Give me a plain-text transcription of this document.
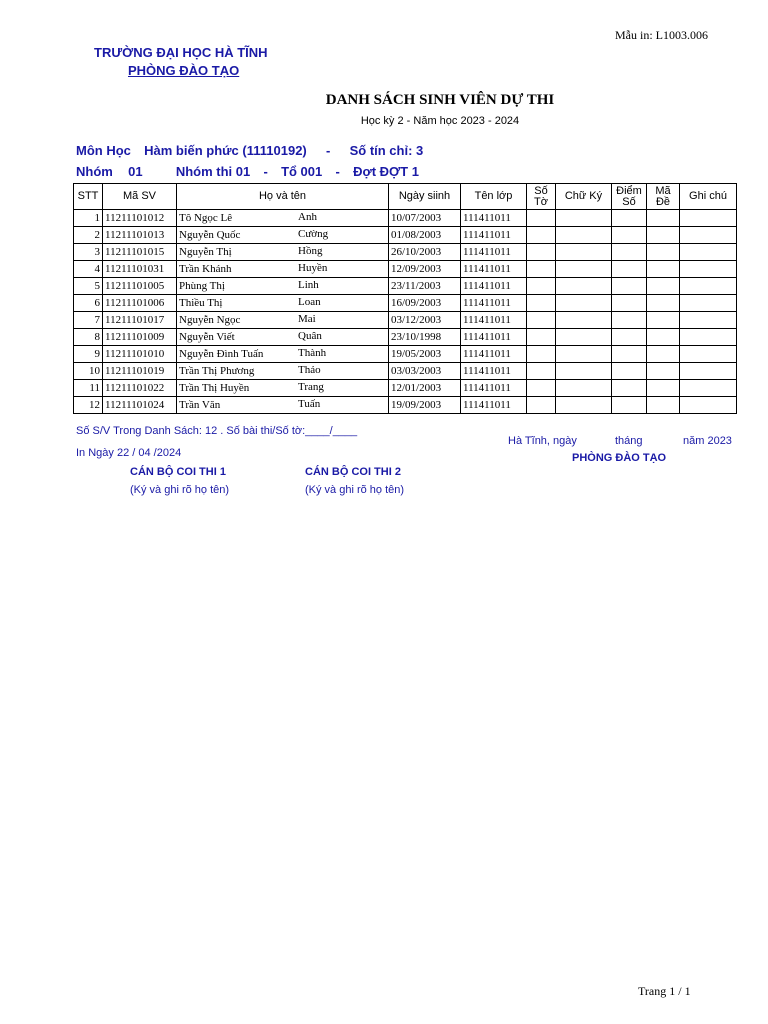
Mẫu in: L1003.006
TRƯỜNG ĐẠI HỌC HÀ TĨNH
PHÒNG ĐÀO TẠO
DANH SÁCH SINH VIÊN DỰ THI
Học kỳ 2 - Năm học 2023 - 2024
Môn Học Hàm biến phức (11110192) - Số tín chỉ: 3
Nhóm 01	Nhóm thi 01 - Tổ 001 - Đợt ĐỢT 1
STT	Mã SV	Họ và tên	Ngày siinh	Tên lớp	Số Tờ	Chữ Ký	Điểm Số	Mã Đề	Ghi chú
1	11211101012	Tô Ngọc Lê Anh	10/07/2003	111411011					
2	11211101013	Nguyễn Quốc Cường	01/08/2003	111411011					
3	11211101015	Nguyễn Thị Hồng	26/10/2003	111411011					
4	11211101031	Trần Khánh Huyền	12/09/2003	111411011					
5	11211101005	Phùng Thị Linh	23/11/2003	111411011					
6	11211101006	Thiều Thị Loan	16/09/2003	111411011					
7	11211101017	Nguyễn Ngọc Mai	03/12/2003	111411011					
8	11211101009	Nguyễn Viết Quân	23/10/1998	111411011					
9	11211101010	Nguyễn Đình Tuấn Thành	19/05/2003	111411011					
10	11211101019	Trần Thị Phương Thảo	03/03/2003	111411011					
11	11211101022	Trần Thị Huyền Trang	12/01/2003	111411011					
12	11211101024	Trần Văn Tuấn	19/09/2003	111411011					
Số S/V Trong Danh Sách: 12 . Số bài thi/Số tờ:____/____
Hà Tĩnh, ngày	tháng	năm 2023
In Ngày 22 / 04 /2024	PHÒNG ĐÀO TẠO
CÁN BỘ COI THI 1	CÁN BỘ COI THI 2
(Ký và ghi rõ họ tên)	(Ký và ghi rõ họ tên)
Trang 1 / 1
